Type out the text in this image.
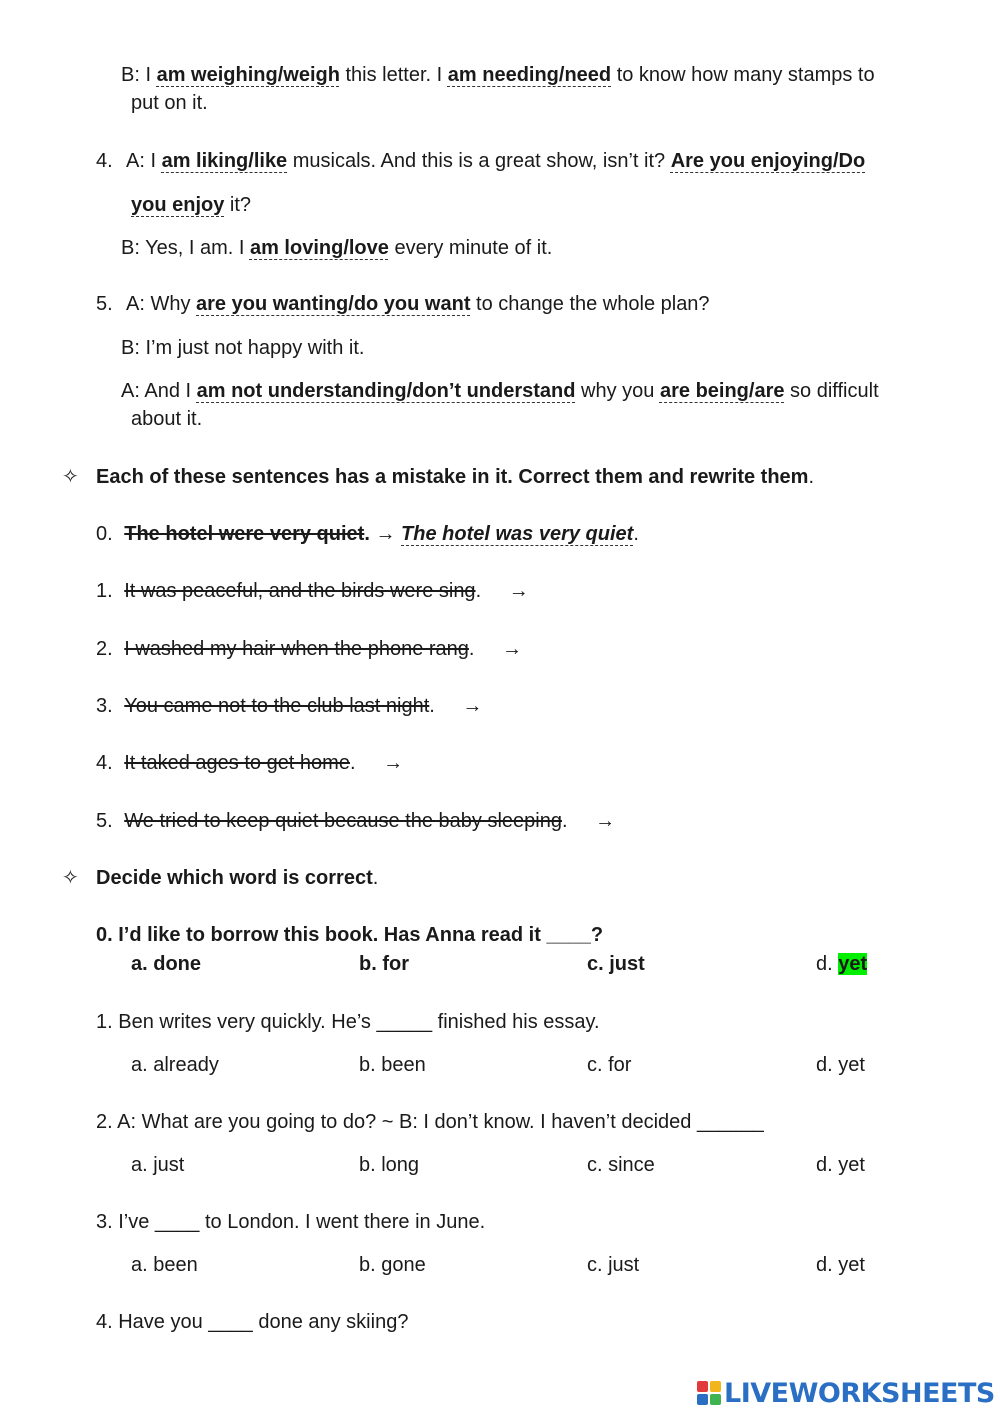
B: I am weighing/weigh this letter. I am needing/need to know how many stamps to
put on it.
4. A: I am liking/like musicals. And this is a great show, isn’t it? Are you enjoying/Do
you enjoy it?
B: Yes, I am. I am loving/love every minute of it.
5. A: Why are you wanting/do you want to change the whole plan?
B: I’m just not happy with it.
A: And I am not understanding/don’t understand why you are being/are so difficult
about it.
✧ Each of these sentences has a mistake in it. Correct them and rewrite them.
0. The hotel were very quiet. → The hotel was very quiet.
1. It was peaceful, and the birds were sing. →
2. I washed my hair when the phone rang. →
3. You came not to the club last night. →
4. It taked ages to get home. →
5. We tried to keep quiet because the baby sleeping. →
✧ Decide which word is correct.
0. I’d like to borrow this book. Has Anna read it ____?
a. done	b. for	c. just	d. yet
1. Ben writes very quickly. He’s _____ finished his essay.
a. already	b. been	c. for	d. yet
2. A: What are you going to do? ~ B: I don’t know. I haven’t decided ______
a. just	b. long	c. since	d. yet
3. I’ve ____ to London. I went there in June.
a. been	b. gone	c. just	d. yet
4. Have you ____ done any skiing?
LIVEWORKSHEETS
